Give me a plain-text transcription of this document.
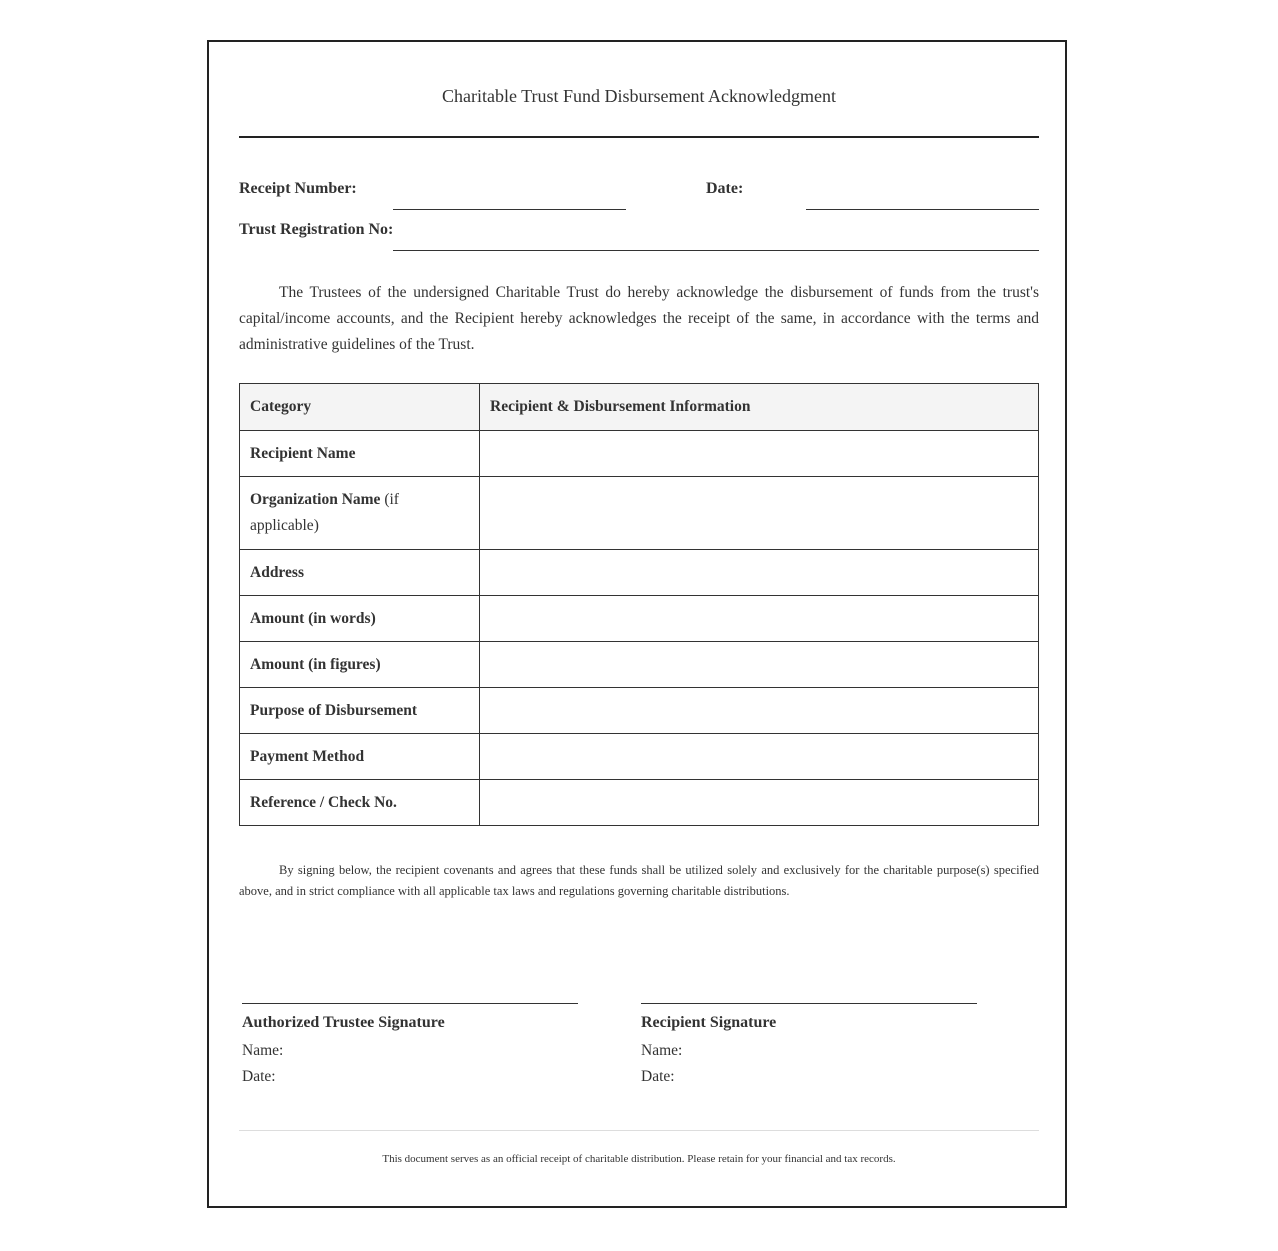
Charitable Trust Fund Disbursement Acknowledgment
Receipt Number:	Date:
Trust Registration No:

The Trustees of the undersigned Charitable Trust do hereby acknowledge the disbursement of funds from the trust's capital/income accounts, and the Recipient hereby acknowledges the receipt of the same, in accordance with the terms and administrative guidelines of the Trust.

Category	Recipient & Disbursement Information
Recipient Name	
Organization Name (if applicable)	
Address	
Amount (in words)	
Amount (in figures)	
Purpose of Disbursement	
Payment Method	
Reference / Check No.	

By signing below, the recipient covenants and agrees that these funds shall be utilized solely and exclusively for the charitable purpose(s) specified above, and in strict compliance with all applicable tax laws and regulations governing charitable distributions.

Authorized Trustee Signature
Name:
Date:
Recipient Signature
Name:
Date:
This document serves as an official receipt of charitable distribution. Please retain for your financial and tax records.
